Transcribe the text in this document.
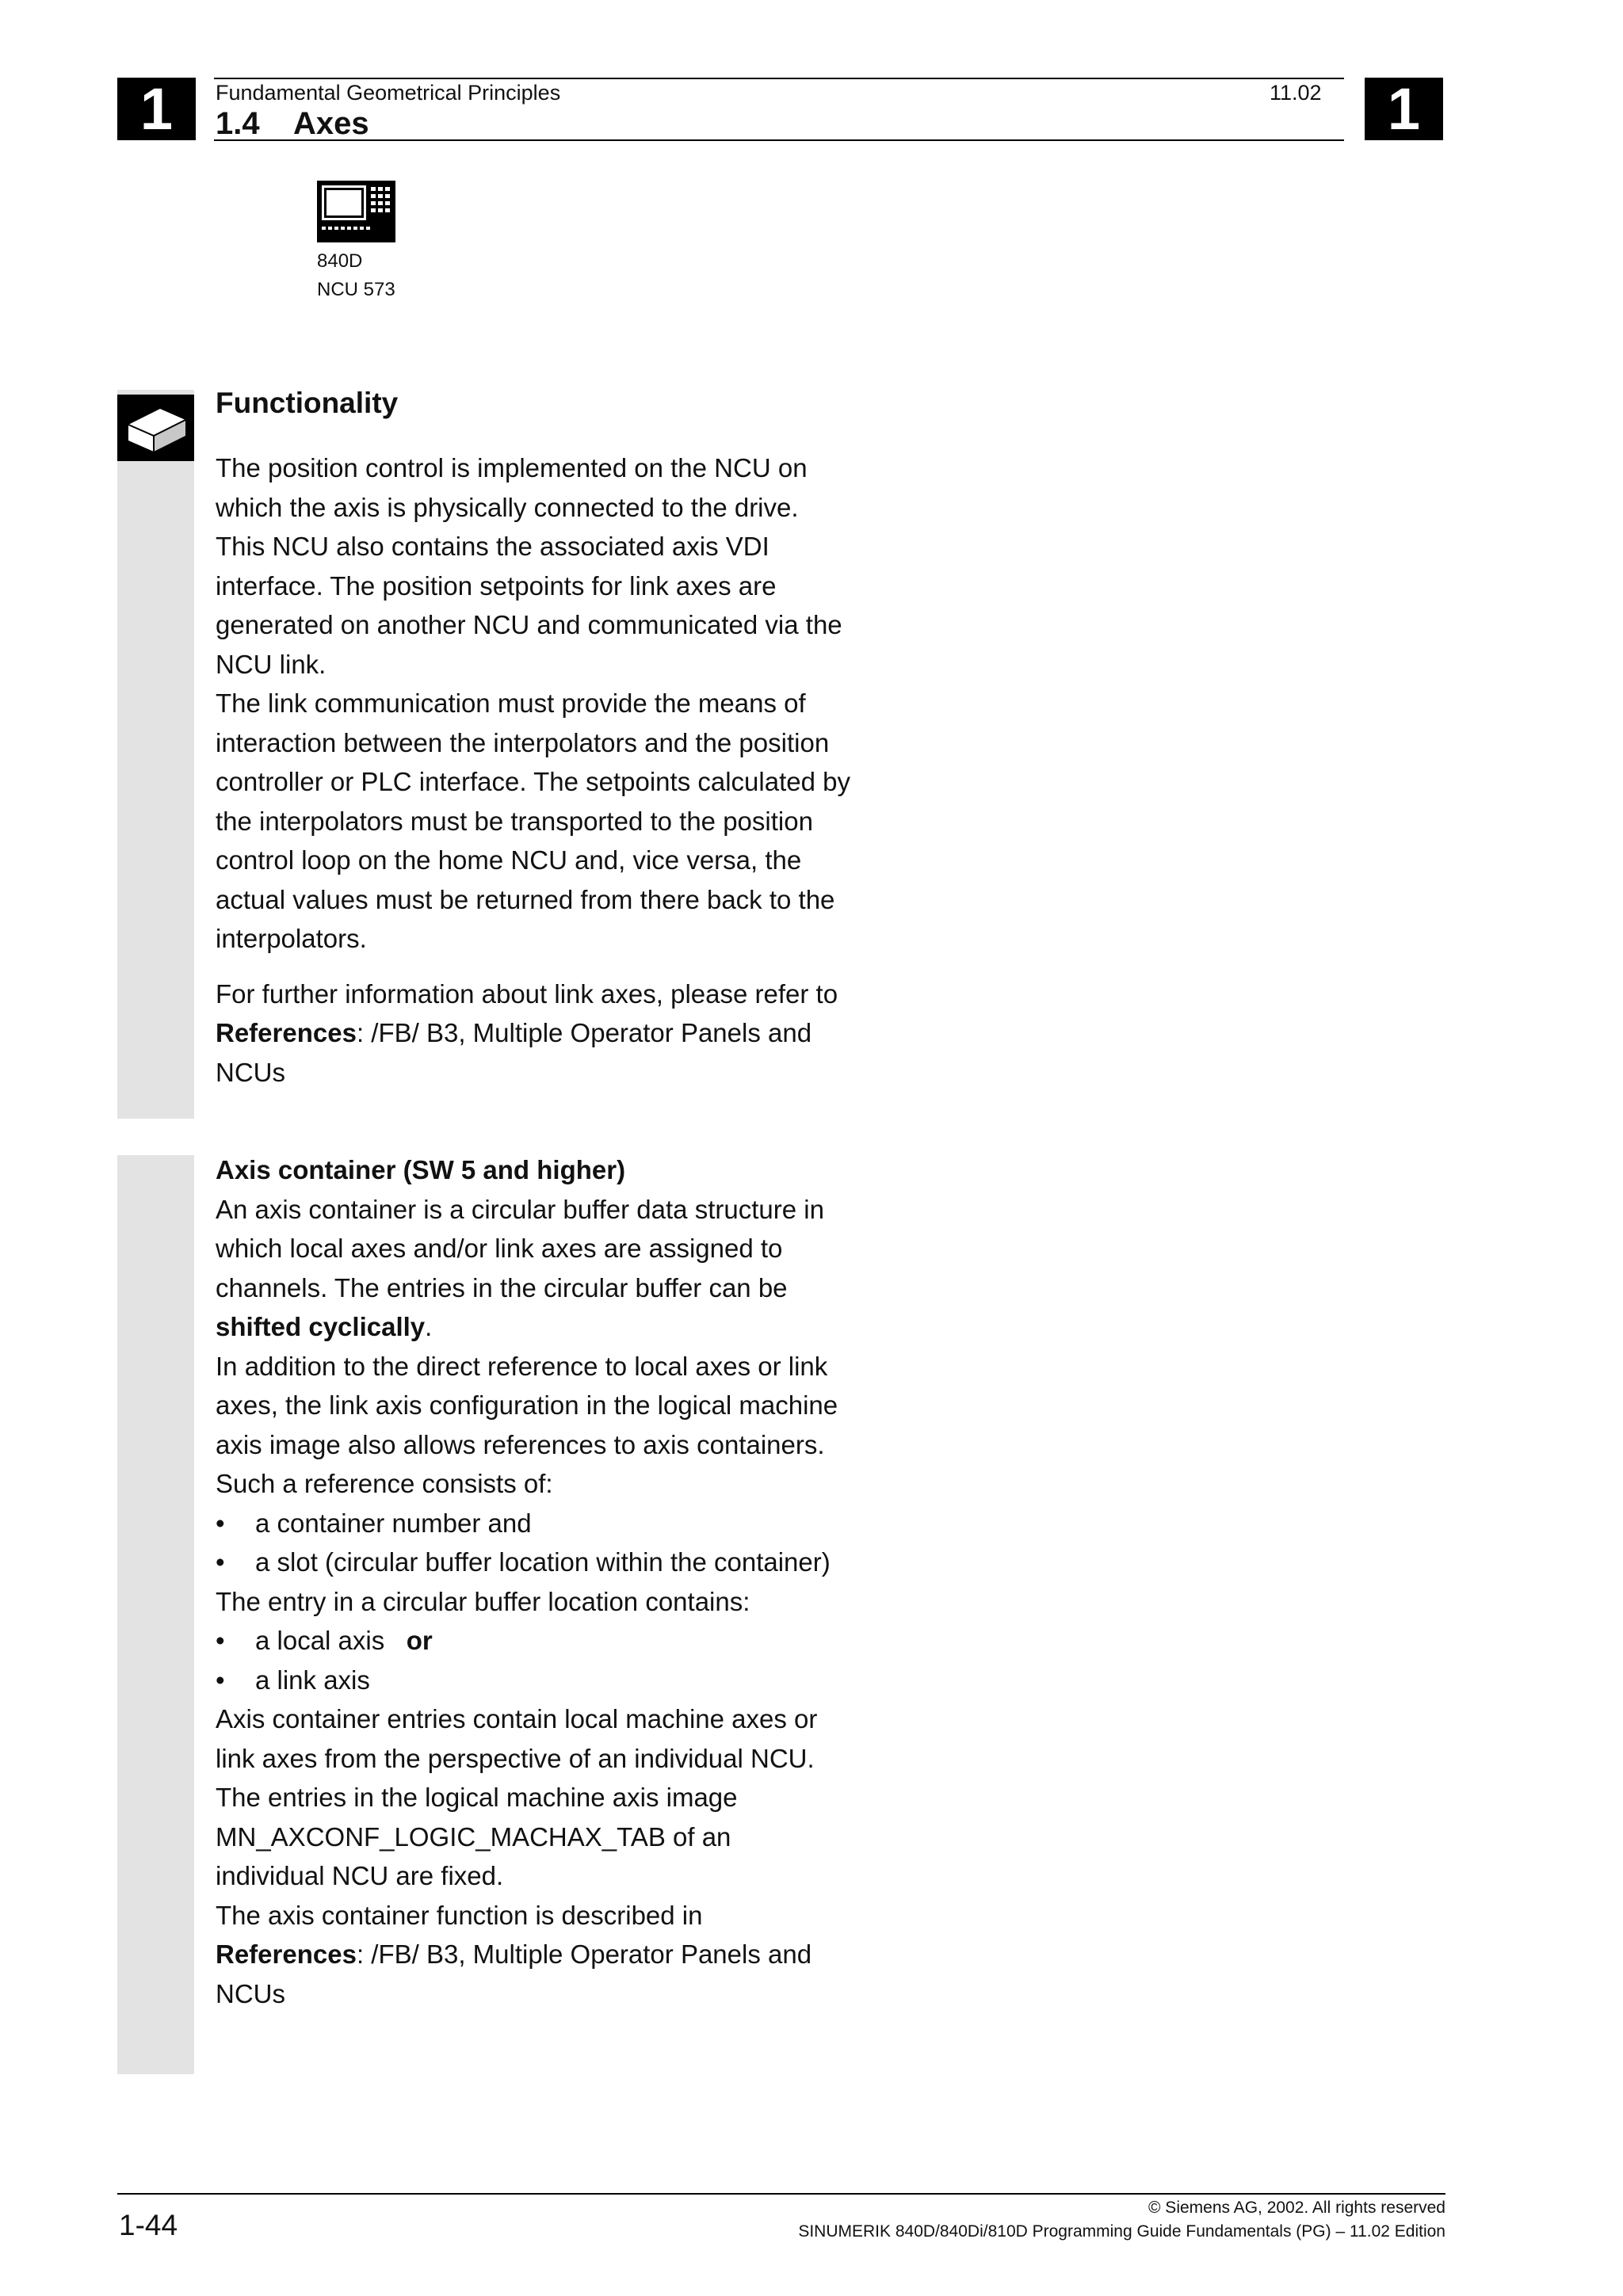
1	1
Fundamental Geometrical Principles	11.02
1.4 Axes
840D
NCU 573
Functionality

The position control is implemented on the NCU on

which the axis is physically connected to the drive.

This NCU also contains the associated axis VDI

interface. The position setpoints for link axes are

generated on another NCU and communicated via the

NCU link.

The link communication must provide the means of

interaction between the interpolators and the position

controller or PLC interface. The setpoints calculated by

the interpolators must be transported to the position

control loop on the home NCU and, vice versa, the

actual values must be returned from there back to the

interpolators.

For further information about link axes, please refer to

References: /FB/ B3, Multiple Operator Panels and

NCUs

Axis container (SW 5 and higher)

An axis container is a circular buffer data structure in

which local axes and/or link axes are assigned to

channels. The entries in the circular buffer can be

shifted cyclically.

In addition to the direct reference to local axes or link

axes, the link axis configuration in the logical machine

axis image also allows references to axis containers.

Such a reference consists of:

• a container number and

• a slot (circular buffer location within the container)

The entry in a circular buffer location contains:

• a local axis or

• a link axis

Axis container entries contain local machine axes or

link axes from the perspective of an individual NCU.

The entries in the logical machine axis image

MN_AXCONF_LOGIC_MACHAX_TAB of an

individual NCU are fixed.

The axis container function is described in

References: /FB/ B3, Multiple Operator Panels and

NCUs

1-44
© Siemens AG, 2002. All rights reserved
SINUMERIK 840D/840Di/810D Programming Guide Fundamentals (PG) – 11.02 Edition
